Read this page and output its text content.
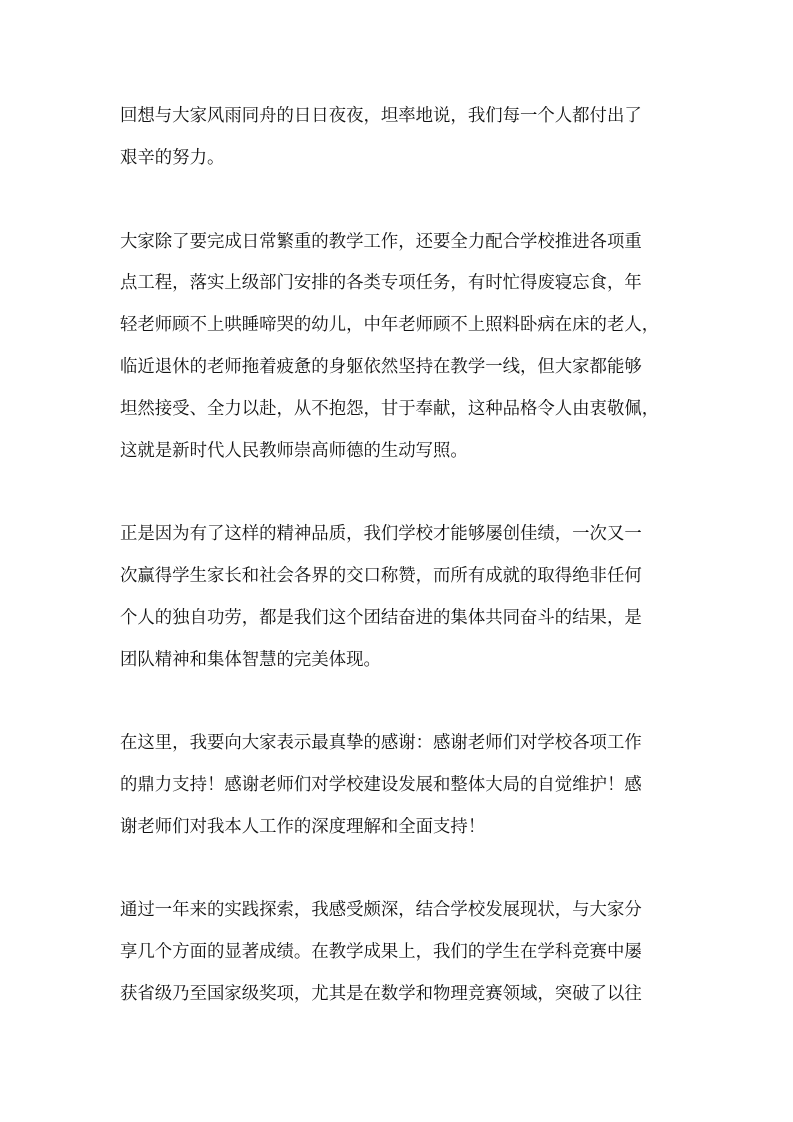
回想与大家风雨同舟的日日夜夜，坦率地说，我们每一个人都付出了

艰辛的努力。

大家除了要完成日常繁重的教学工作，还要全力配合学校推进各项重

点工程，落实上级部门安排的各类专项任务，有时忙得废寝忘食，年

轻老师顾不上哄睡啼哭的幼儿，中年老师顾不上照料卧病在床的老人，

临近退休的老师拖着疲惫的身躯依然坚持在教学一线，但大家都能够

坦然接受、全力以赴，从不抱怨，甘于奉献，这种品格令人由衷敬佩，

这就是新时代人民教师崇高师德的生动写照。

正是因为有了这样的精神品质，我们学校才能够屡创佳绩，一次又一

次赢得学生家长和社会各界的交口称赞，而所有成就的取得绝非任何

个人的独自功劳，都是我们这个团结奋进的集体共同奋斗的结果，是

团队精神和集体智慧的完美体现。

在这里，我要向大家表示最真挚的感谢：感谢老师们对学校各项工作

的鼎力支持！感谢老师们对学校建设发展和整体大局的自觉维护！感

谢老师们对我本人工作的深度理解和全面支持！

通过一年来的实践探索，我感受颇深，结合学校发展现状，与大家分

享几个方面的显著成绩。在教学成果上，我们的学生在学科竞赛中屡

获省级乃至国家级奖项，尤其是在数学和物理竞赛领域，突破了以往
